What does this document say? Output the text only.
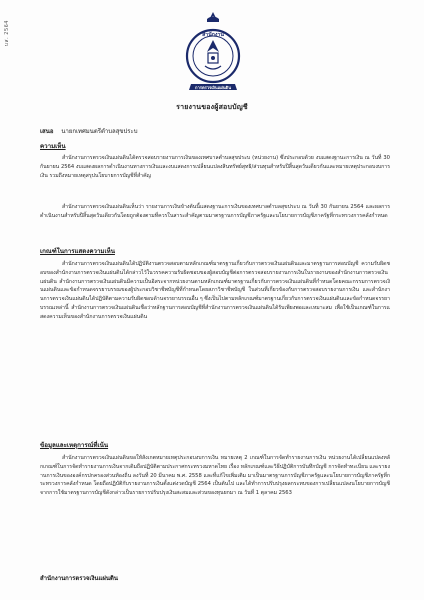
บส. 2564	สำนักงาน
การตรวจเงินแผ่นดิน
รายงานของผู้สอบบัญชี
เสนอ นายกเทศมนตรีตำบลสุขประบ
ความเห็น
สำนักงานการตรวจเงินแผ่นดินได้ตรวจสอบรายงานการเงินของเทศบาลตำบลสุขประบ (หน่วยงาน) ซึ่งประกอบด้วย งบแสดงฐานะการเงิน ณ วันที่ 30 กันยายน 2564 งบแสดงผลการดำเนินงานทางการเงินและงบแสดงการเปลี่ยนแปลงสินทรัพย์สุทธิ/ส่วนทุนสำหรับปีสิ้นสุดวันเดียวกันและหมายเหตุประกอบงบการเงิน รวมถึงหมายเหตุสรุปนโยบายการบัญชีที่สำคัญ
สำนักงานการตรวจเงินแผ่นดินเห็นว่า รายงานการเงินข้างต้นนี้แสดงฐานะการเงินของเทศบาลตำบลสุขประบ ณ วันที่ 30 กันยายน 2564 และผลการดำเนินงานสำหรับปีสิ้นสุดวันเดียวกันโดยถูกต้องตามที่ควรในสาระสำคัญตามมาตรฐานการบัญชีภาครัฐและนโยบายการบัญชีภาครัฐที่กระทรวงการคลังกำหนด
เกณฑ์ในการแสดงความเห็น
สำนักงานการตรวจเงินแผ่นดินได้ปฏิบัติงานตรวจสอบตามหลักเกณฑ์มาตรฐานเกี่ยวกับการตรวจเงินแผ่นดินและมาตรฐานการสอบบัญชี ความรับผิดชอบของสำนักงานการตรวจเงินแผ่นดินได้กล่าวไว้ในวรรคความรับผิดชอบของผู้สอบบัญชีต่อการตรวจสอบรายงานการเงินในรายงานของสำนักงานการตรวจเงินแผ่นดิน สำนักงานการตรวจเงินแผ่นดินมีความเป็นอิสระจากหน่วยงานตามหลักเกณฑ์มาตรฐานเกี่ยวกับการตรวจเงินแผ่นดินที่กำหนดโดยคณะกรรมการตรวจเงินแผ่นดินและข้อกำหนดจรรยาบรรณของผู้ประกอบวิชาชีพบัญชีที่กำหนดโดยสภาวิชาชีพบัญชี ในส่วนที่เกี่ยวข้องกับการตรวจสอบรายงานการเงิน และสำนักงานการตรวจเงินแผ่นดินได้ปฏิบัติตามความรับผิดชอบด้านจรรยาบรรณอื่น ๆ ซึ่งเป็นไปตามหลักเกณฑ์มาตรฐานเกี่ยวกับการตรวจเงินแผ่นดินและข้อกำหนดจรรยาบรรณเหล่านี้ สำนักงานการตรวจเงินแผ่นดินเชื่อว่าหลักฐานการสอบบัญชีที่สำนักงานการตรวจเงินแผ่นดินได้รับเพียงพอและเหมาะสม เพื่อใช้เป็นเกณฑ์ในการแสดงความเห็นของสำนักงานการตรวจเงินแผ่นดิน
ข้อมูลและเหตุการณ์ที่เน้น
สำนักงานการตรวจเงินแผ่นดินขอให้สังเกตหมายเหตุประกอบงบการเงิน หมายเหตุ 2 เกณฑ์ในการจัดทำรายงานการเงิน หน่วยงานได้เปลี่ยนแปลงหลักเกณฑ์ในการจัดทำรายงานการเงินจากเดิมถือปฏิบัติตามประกาศกระทรวงมหาดไทย เรื่อง หลักเกณฑ์และวิธีปฏิบัติการบันทึกบัญชี การจัดทำทะเบียน และรายงานการเงินขององค์กรปกครองส่วนท้องถิ่น ลงวันที่ 20 มีนาคม พ.ศ. 2558 และที่แก้ไขเพิ่มเติม มาเป็นมาตรฐานการบัญชีภาครัฐและนโยบายการบัญชีภาครัฐที่กระทรวงการคลังกำหนด โดยถือปฏิบัติกับรายงานการเงินตั้งแต่งวดบัญชี 2564 เป็นต้นไป และได้ทำการปรับปรุงผลกระทบของการเปลี่ยนแปลงนโยบายการบัญชีจากการใช้มาตรฐานการบัญชีดังกล่าวเป็นรายการปรับปรุงเงินสะสมและส่วนของทุนยกมา ณ วันที่ 1 ตุลาคม 2563
สำนักงานการตรวจเงินแผ่นดิน
